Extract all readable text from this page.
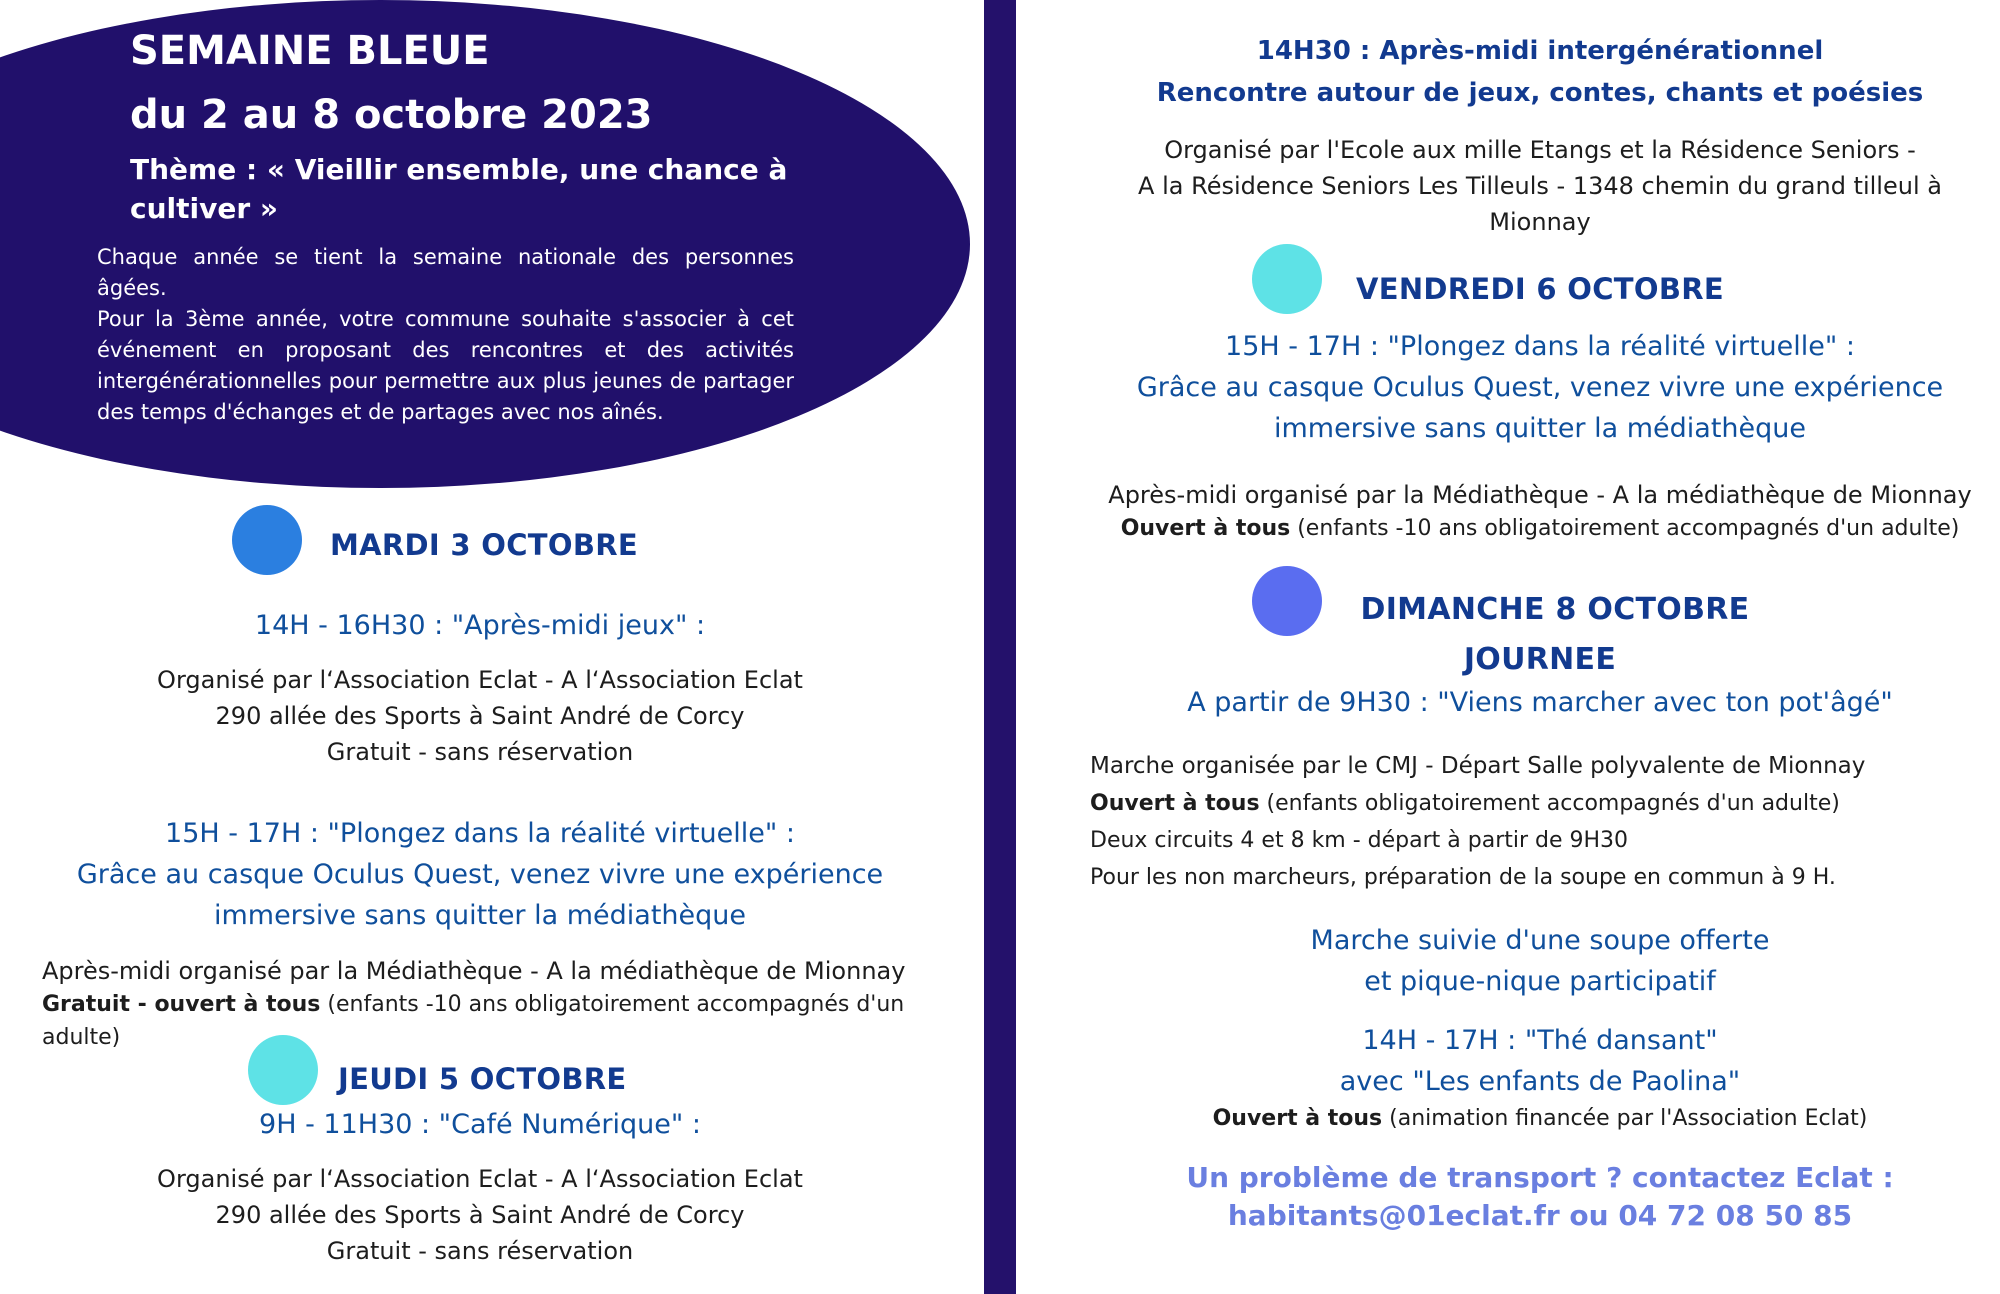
SEMAINE BLEUE
du 2 au 8 octobre 2023
Thème : « Vieillir ensemble, une chance à cultiver »
Chaque année se tient la semaine nationale des personnes âgées.
Pour la 3ème année, votre commune souhaite s'associer à cet événement en proposant des rencontres et des activités intergénérationnelles pour permettre aux plus jeunes de partager des temps d'échanges et de partages avec nos aînés.
MARDI 3 OCTOBRE
14H - 16H30 : "Après-midi jeux" :
Organisé par l‘Association Eclat - A l‘Association Eclat
290 allée des Sports à Saint André de Corcy
Gratuit - sans réservation
15H - 17H : "Plongez dans la réalité virtuelle" :
Grâce au casque Oculus Quest, venez vivre une expérience
immersive sans quitter la médiathèque
Après-midi organisé par la Médiathèque - A la médiathèque de Mionnay
Gratuit - ouvert à tous (enfants -10 ans obligatoirement accompagnés d'un
adulte)
JEUDI 5 OCTOBRE
9H - 11H30 : "Café Numérique" :
Organisé par l‘Association Eclat - A l‘Association Eclat
290 allée des Sports à Saint André de Corcy
Gratuit - sans réservation
14H30 : Après-midi intergénérationnel
Rencontre autour de jeux, contes, chants et poésies
Organisé par l'Ecole aux mille Etangs et la Résidence Seniors -
A la Résidence Seniors Les Tilleuls - 1348 chemin du grand tilleul à
Mionnay
VENDREDI 6 OCTOBRE
15H - 17H : "Plongez dans la réalité virtuelle" :
Grâce au casque Oculus Quest, venez vivre une expérience
immersive sans quitter la médiathèque
Après-midi organisé par la Médiathèque - A la médiathèque de Mionnay
Ouvert à tous (enfants -10 ans obligatoirement accompagnés d'un adulte)
DIMANCHE 8 OCTOBRE
JOURNEE
A partir de 9H30 : "Viens marcher avec ton pot'âgé"
Marche organisée par le CMJ - Départ Salle polyvalente de Mionnay
Ouvert à tous (enfants obligatoirement accompagnés d'un adulte)
Deux circuits 4 et 8 km - départ à partir de 9H30
Pour les non marcheurs, préparation de la soupe en commun à 9 H.
Marche suivie d'une soupe offerte
et pique-nique participatif
14H - 17H : "Thé dansant"
avec "Les enfants de Paolina"
Ouvert à tous (animation financée par l'Association Eclat)
Un problème de transport ? contactez Eclat :
habitants@01eclat.fr ou 04 72 08 50 85
